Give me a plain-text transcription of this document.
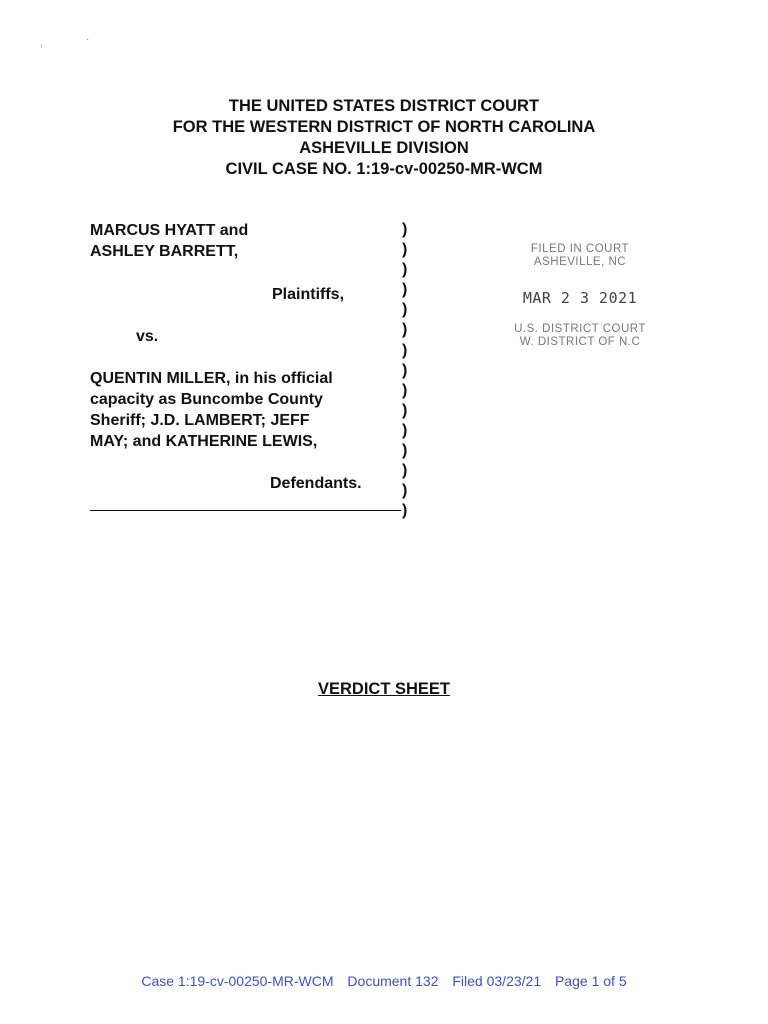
,	·
THE UNITED STATES DISTRICT COURT
FOR THE WESTERN DISTRICT OF NORTH CAROLINA
ASHEVILLE DIVISION
CIVIL CASE NO. 1:19-cv-00250-MR-WCM
MARCUS HYATT and
ASHLEY BARRETT,
Plaintiffs,
vs.
QUENTIN MILLER, in his official
capacity as Buncombe County
Sheriff; J.D. LAMBERT; JEFF
MAY; and KATHERINE LEWIS,
Defendants.
)
)
)
)
)
)
)
)
)
)
)
)
)
)
)
FILED IN COURT
ASHEVILLE, NC
MAR 2 3 2021
U.S. DISTRICT COURT
W. DISTRICT OF N.C
VERDICT SHEET
Case 1:19-cv-00250-MR-WCM Document 132 Filed 03/23/21 Page 1 of 5
